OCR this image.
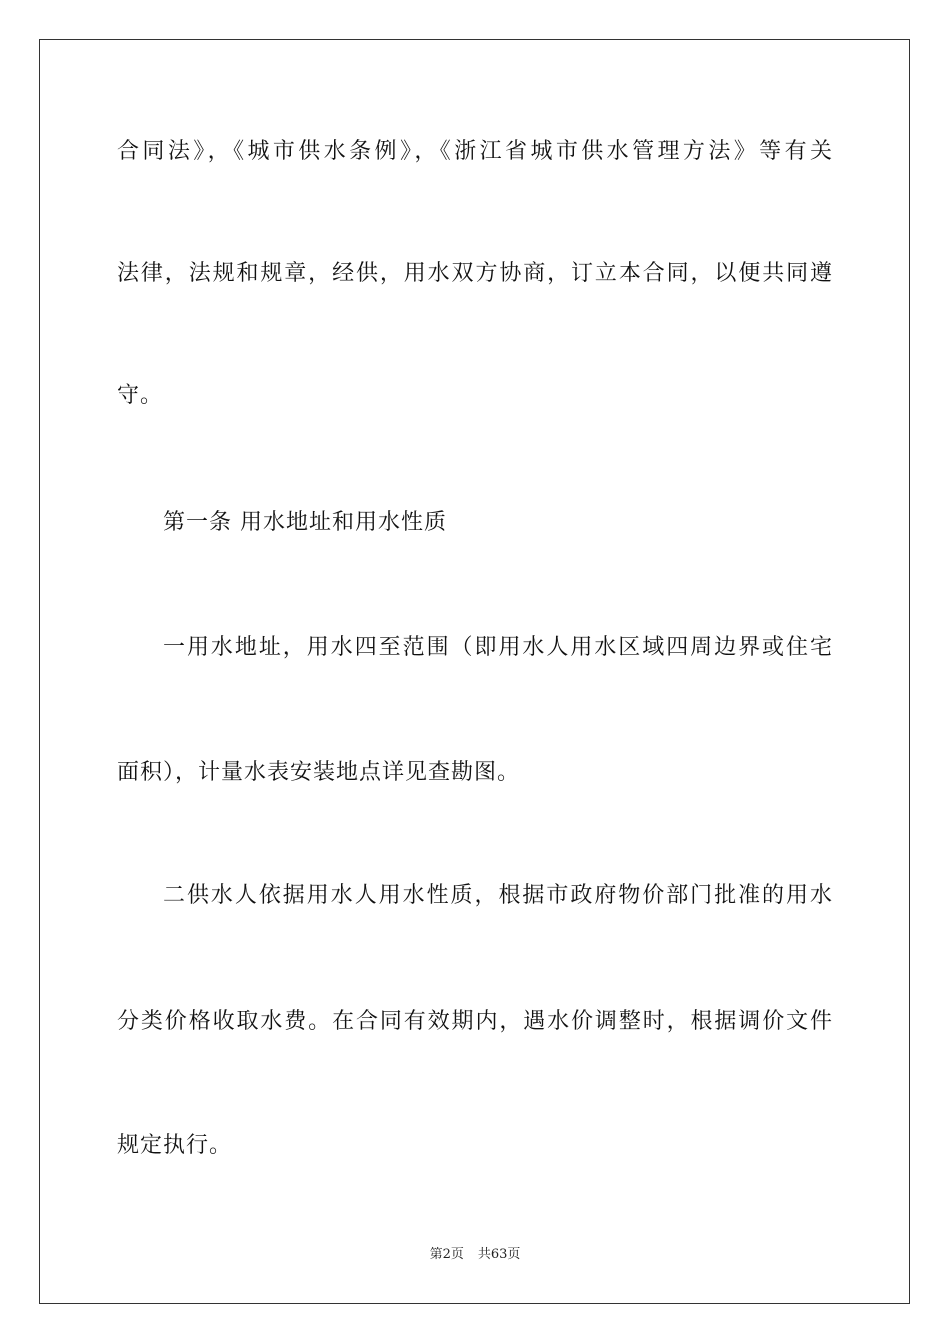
合同法》，《城市供水条例》，《浙江省城市供水管理方法》等有关
法律，法规和规章，经供，用水双方协商，订立本合同，以便共同遵
守。
第一条 用水地址和用水性质
一用水地址，用水四至范围（即用水人用水区域四周边界或住宅
面积），计量水表安装地点详见查勘图。
二供水人依据用水人用水性质，根据市政府物价部门批准的用水
分类价格收取水费。在合同有效期内，遇水价调整时，根据调价文件
规定执行。
第2页 共63页
